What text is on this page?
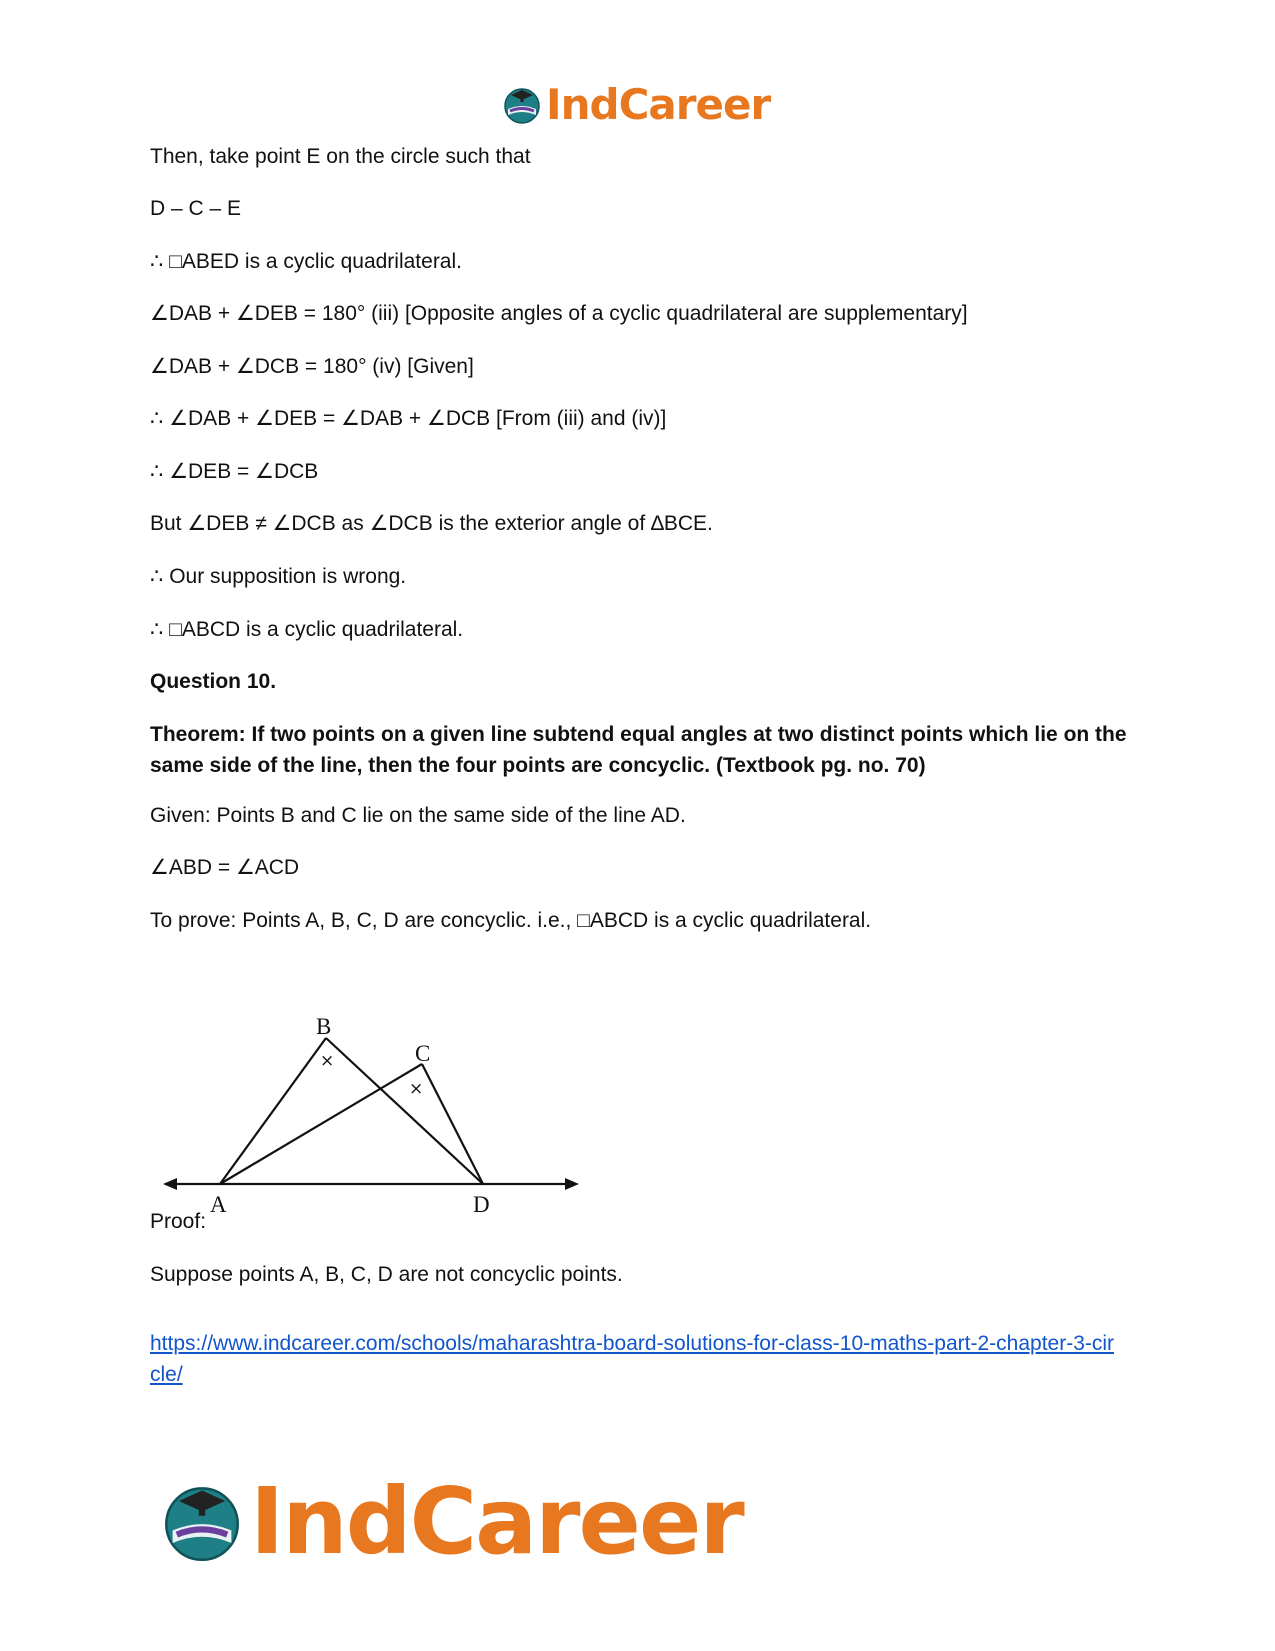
IndCareer

Then, take point E on the circle such that

D – C – E

∴ □ABED is a cyclic quadrilateral.

∠DAB + ∠DEB = 180° (iii) [Opposite angles of a cyclic quadrilateral are supplementary]

∠DAB + ∠DCB = 180° (iv) [Given]

∴ ∠DAB + ∠DEB = ∠DAB + ∠DCB [From (iii) and (iv)]

∴ ∠DEB = ∠DCB

But ∠DEB ≠ ∠DCB as ∠DCB is the exterior angle of ∆BCE.

∴ Our supposition is wrong.

∴ □ABCD is a cyclic quadrilateral.

Question 10.

Theorem: If two points on a given line subtend equal angles at two distinct points which lie on the same side of the line, then the four points are concyclic. (Textbook pg. no. 70)

Given: Points B and C lie on the same side of the line AD.

∠ABD = ∠ACD

To prove: Points A, B, C, D are concyclic. i.e., □ABCD is a cyclic quadrilateral.

A
B
C
D
×
×

Proof:

Suppose points A, B, C, D are not concyclic points.

https://www.indcareer.com/schools/maharashtra-board-solutions-for-class-10-maths-part-2-chapter-3-circle/
IndCareer
